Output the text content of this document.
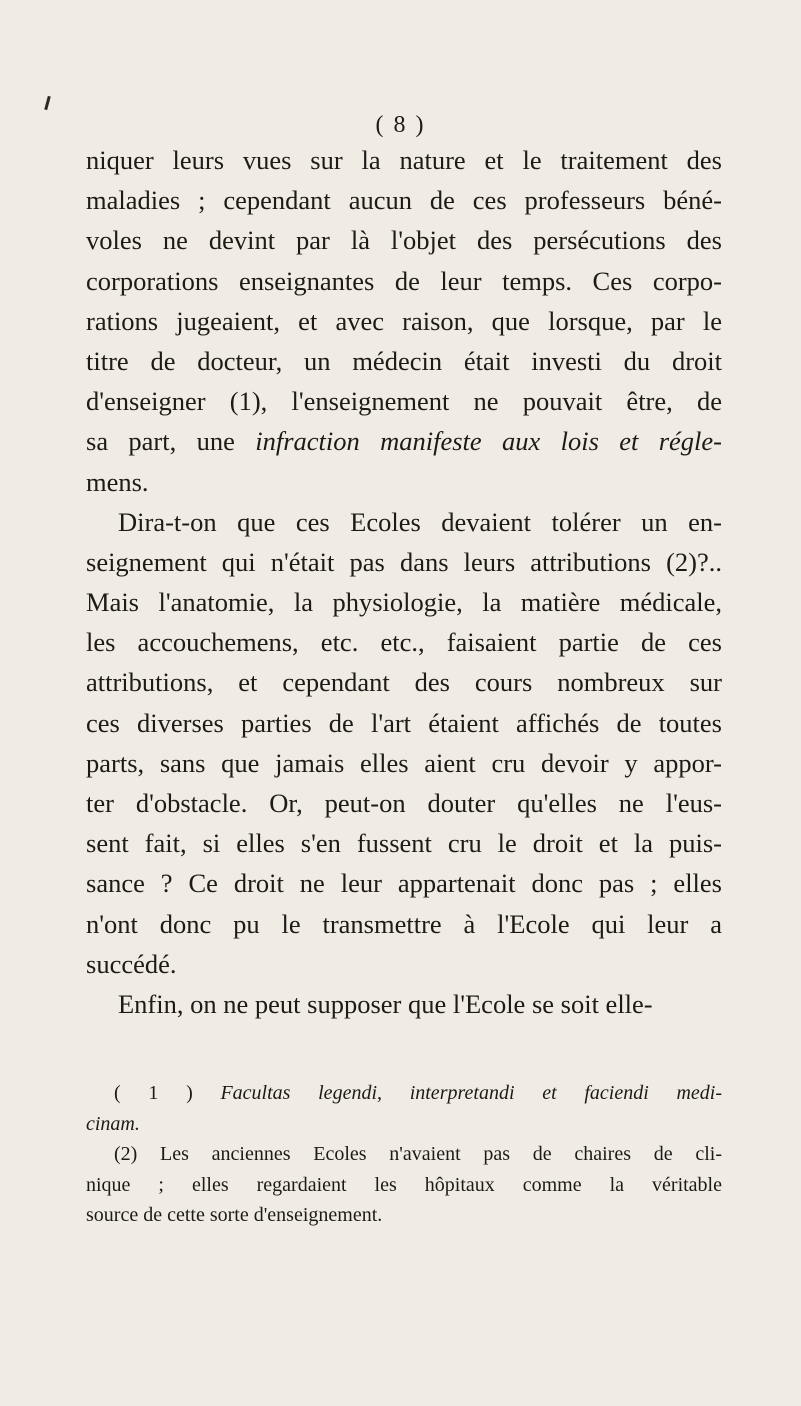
( 8 )
niquer leurs vues sur la nature et le traitement des
maladies ; cependant aucun de ces professeurs béné-
voles ne devint par là l'objet des persécutions des
corporations enseignantes de leur temps. Ces corpo-
rations jugeaient, et avec raison, que lorsque, par le
titre de docteur, un médecin était investi du droit
d'enseigner (1), l'enseignement ne pouvait être, de
sa part, une infraction manifeste aux lois et régle-
mens.
Dira-t-on que ces Ecoles devaient tolérer un en-
seignement qui n'était pas dans leurs attributions (2)?..
Mais l'anatomie, la physiologie, la matière médicale,
les accouchemens, etc. etc., faisaient partie de ces
attributions, et cependant des cours nombreux sur
ces diverses parties de l'art étaient affichés de toutes
parts, sans que jamais elles aient cru devoir y appor-
ter d'obstacle. Or, peut-on douter qu'elles ne l'eus-
sent fait, si elles s'en fussent cru le droit et la puis-
sance ? Ce droit ne leur appartenait donc pas ; elles
n'ont donc pu le transmettre à l'Ecole qui leur a
succédé.
Enfin, on ne peut supposer que l'Ecole se soit elle-
( 1 ) Facultas legendi, interpretandi et faciendi medi-
cinam.
(2) Les anciennes Ecoles n'avaient pas de chaires de cli-
nique ; elles regardaient les hôpitaux comme la véritable
source de cette sorte d'enseignement.
